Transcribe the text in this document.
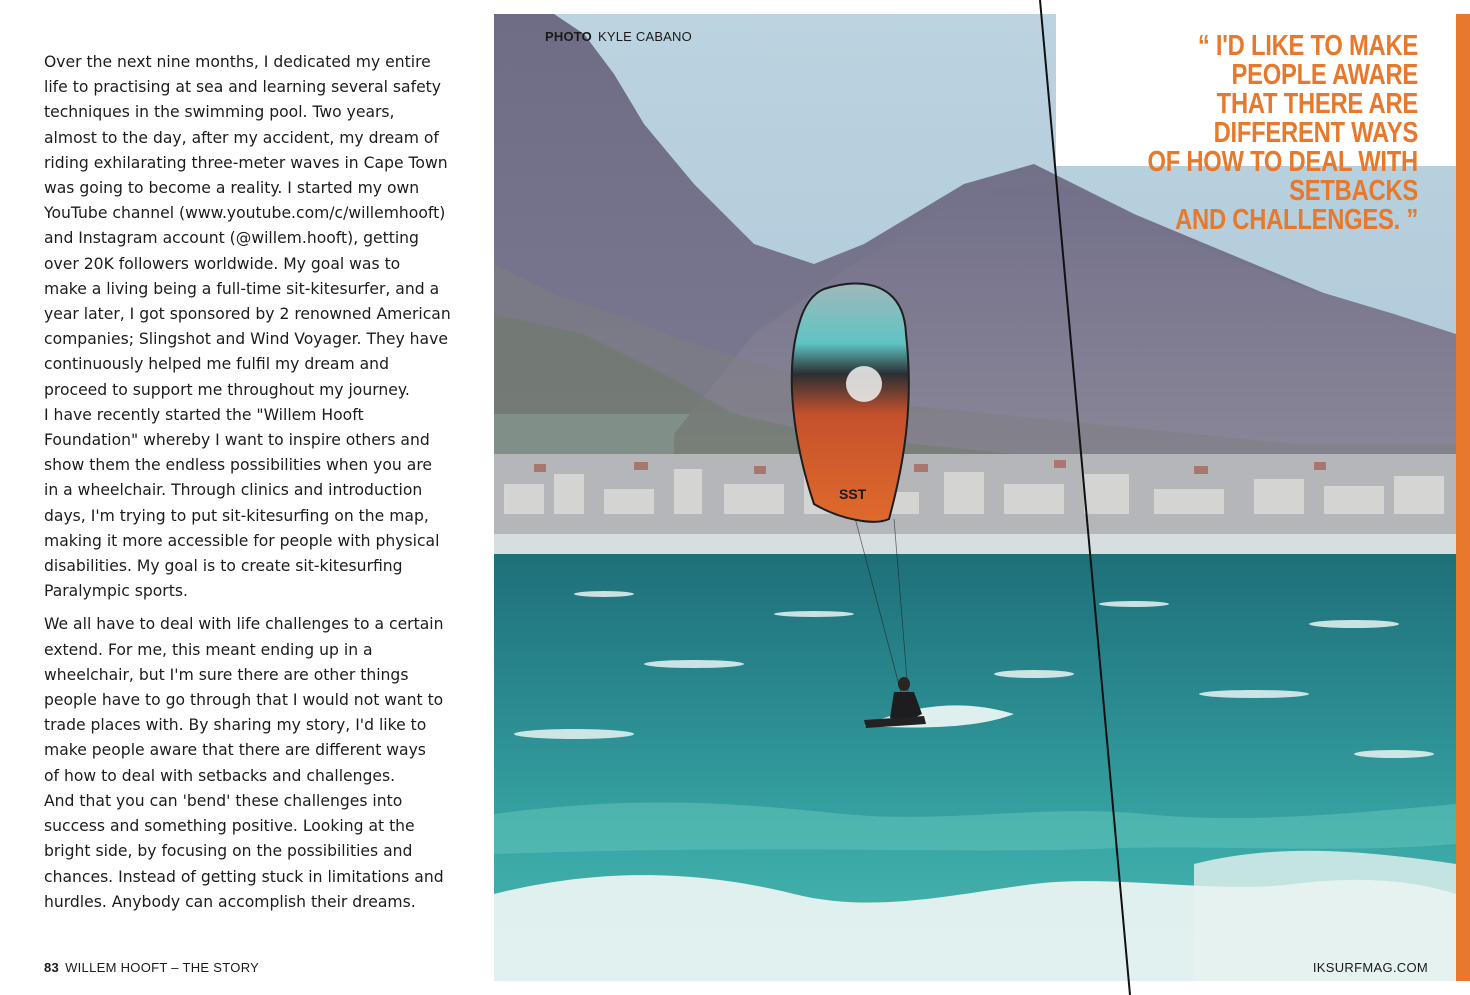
Over the next nine months, I dedicated my entire
life to practising at sea and learning several safety
techniques in the swimming pool. Two years,
almost to the day, after my accident, my dream of
riding exhilarating three-meter waves in Cape Town
was going to become a reality. I started my own
YouTube channel (www.youtube.com/c/willemhooft)
and Instagram account (@willem.hooft), getting
over 20K followers worldwide. My goal was to
make a living being a full-time sit-kitesurfer, and a
year later, I got sponsored by 2 renowned American
companies; Slingshot and Wind Voyager. They have
continuously helped me fulfil my dream and
proceed to support me throughout my journey.
I have recently started the "Willem Hooft
Foundation" whereby I want to inspire others and
show them the endless possibilities when you are
in a wheelchair. Through clinics and introduction
days, I'm trying to put sit-kitesurfing on the map,
making it more accessible for people with physical
disabilities. My goal is to create sit-kitesurfing
Paralympic sports.

We all have to deal with life challenges to a certain
extend. For me, this meant ending up in a
wheelchair, but I'm sure there are other things
people have to go through that I would not want to
trade places with. By sharing my story, I'd like to
make people aware that there are different ways
of how to deal with setbacks and challenges.
And that you can 'bend' these challenges into
success and something positive. Looking at the
bright side, by focusing on the possibilities and
chances. Instead of getting stuck in limitations and
hurdles. Anybody can accomplish their dreams.

83 WILLEM HOOFT – THE STORY
SST
PHOTO KYLE CABANO
IKSURFMAG.COM
“ I'D LIKE TO MAKE PEOPLE AWARE
THAT THERE ARE DIFFERENT WAYS
OF HOW TO DEAL WITH SETBACKS
AND CHALLENGES. ”
